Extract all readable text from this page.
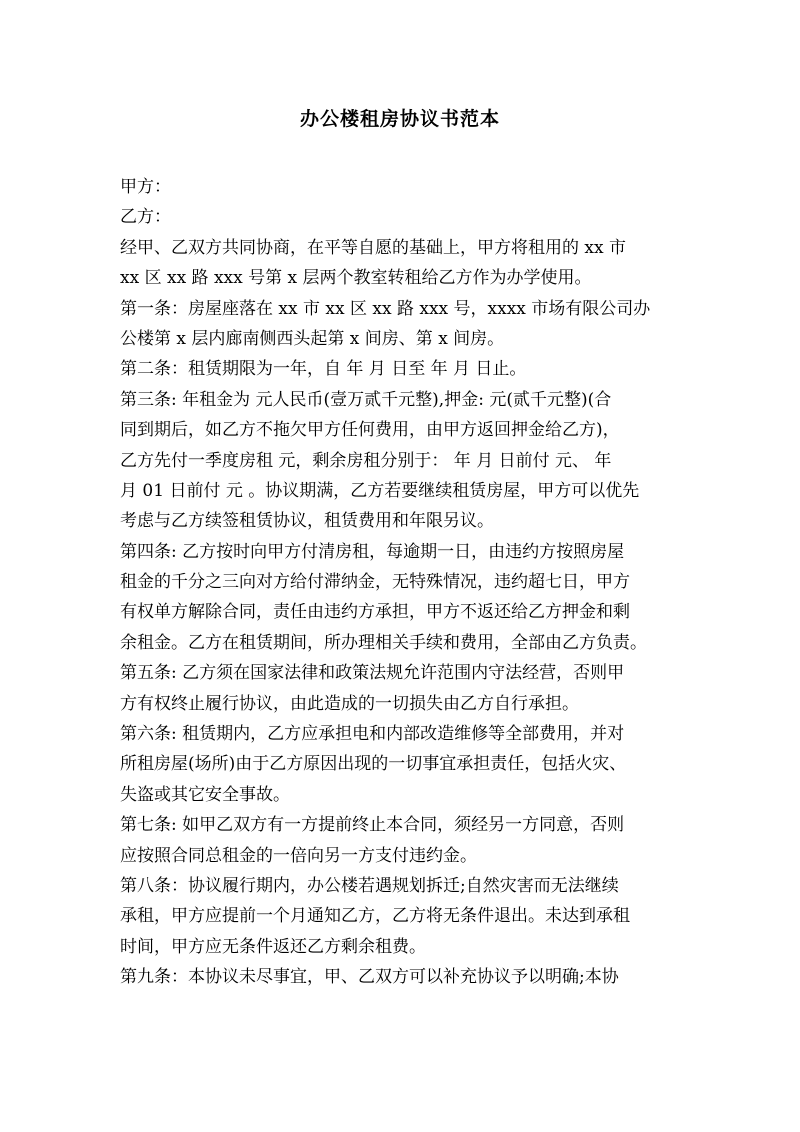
办公楼租房协议书范本
甲方：
乙方：
经甲、乙双方共同协商，在平等自愿的基础上，甲方将租用的 xx 市
xx 区 xx 路 xxx 号第 x 层两个教室转租给乙方作为办学使用。
第一条：房屋座落在 xx 市 xx 区 xx 路 xxx 号，xxxx 市场有限公司办
公楼第 x 层内廊南侧西头起第 x 间房、第 x 间房。
第二条：租赁期限为一年，自 年 月 日至 年 月 日止。
第三条: 年租金为 元人民币(壹万贰千元整),押金: 元(贰千元整)(合
同到期后，如乙方不拖欠甲方任何费用，由甲方返回押金给乙方)，
乙方先付一季度房租 元，剩余房租分别于： 年 月 日前付 元、 年
月 01 日前付 元 。协议期满，乙方若要继续租赁房屋，甲方可以优先
考虑与乙方续签租赁协议，租赁费用和年限另议。
第四条: 乙方按时向甲方付清房租，每逾期一日，由违约方按照房屋
租金的千分之三向对方给付滞纳金，无特殊情况，违约超七日，甲方
有权单方解除合同，责任由违约方承担，甲方不返还给乙方押金和剩
余租金。乙方在租赁期间，所办理相关手续和费用，全部由乙方负责。
第五条: 乙方须在国家法律和政策法规允许范围内守法经营，否则甲
方有权终止履行协议，由此造成的一切损失由乙方自行承担。
第六条: 租赁期内，乙方应承担电和内部改造维修等全部费用，并对
所租房屋(场所)由于乙方原因出现的一切事宜承担责任，包括火灾、
失盗或其它安全事故。
第七条: 如甲乙双方有一方提前终止本合同，须经另一方同意，否则
应按照合同总租金的一倍向另一方支付违约金。
第八条：协议履行期内，办公楼若遇规划拆迁;自然灾害而无法继续
承租，甲方应提前一个月通知乙方，乙方将无条件退出。未达到承租
时间，甲方应无条件返还乙方剩余租费。
第九条：本协议未尽事宜，甲、乙双方可以补充协议予以明确;本协
